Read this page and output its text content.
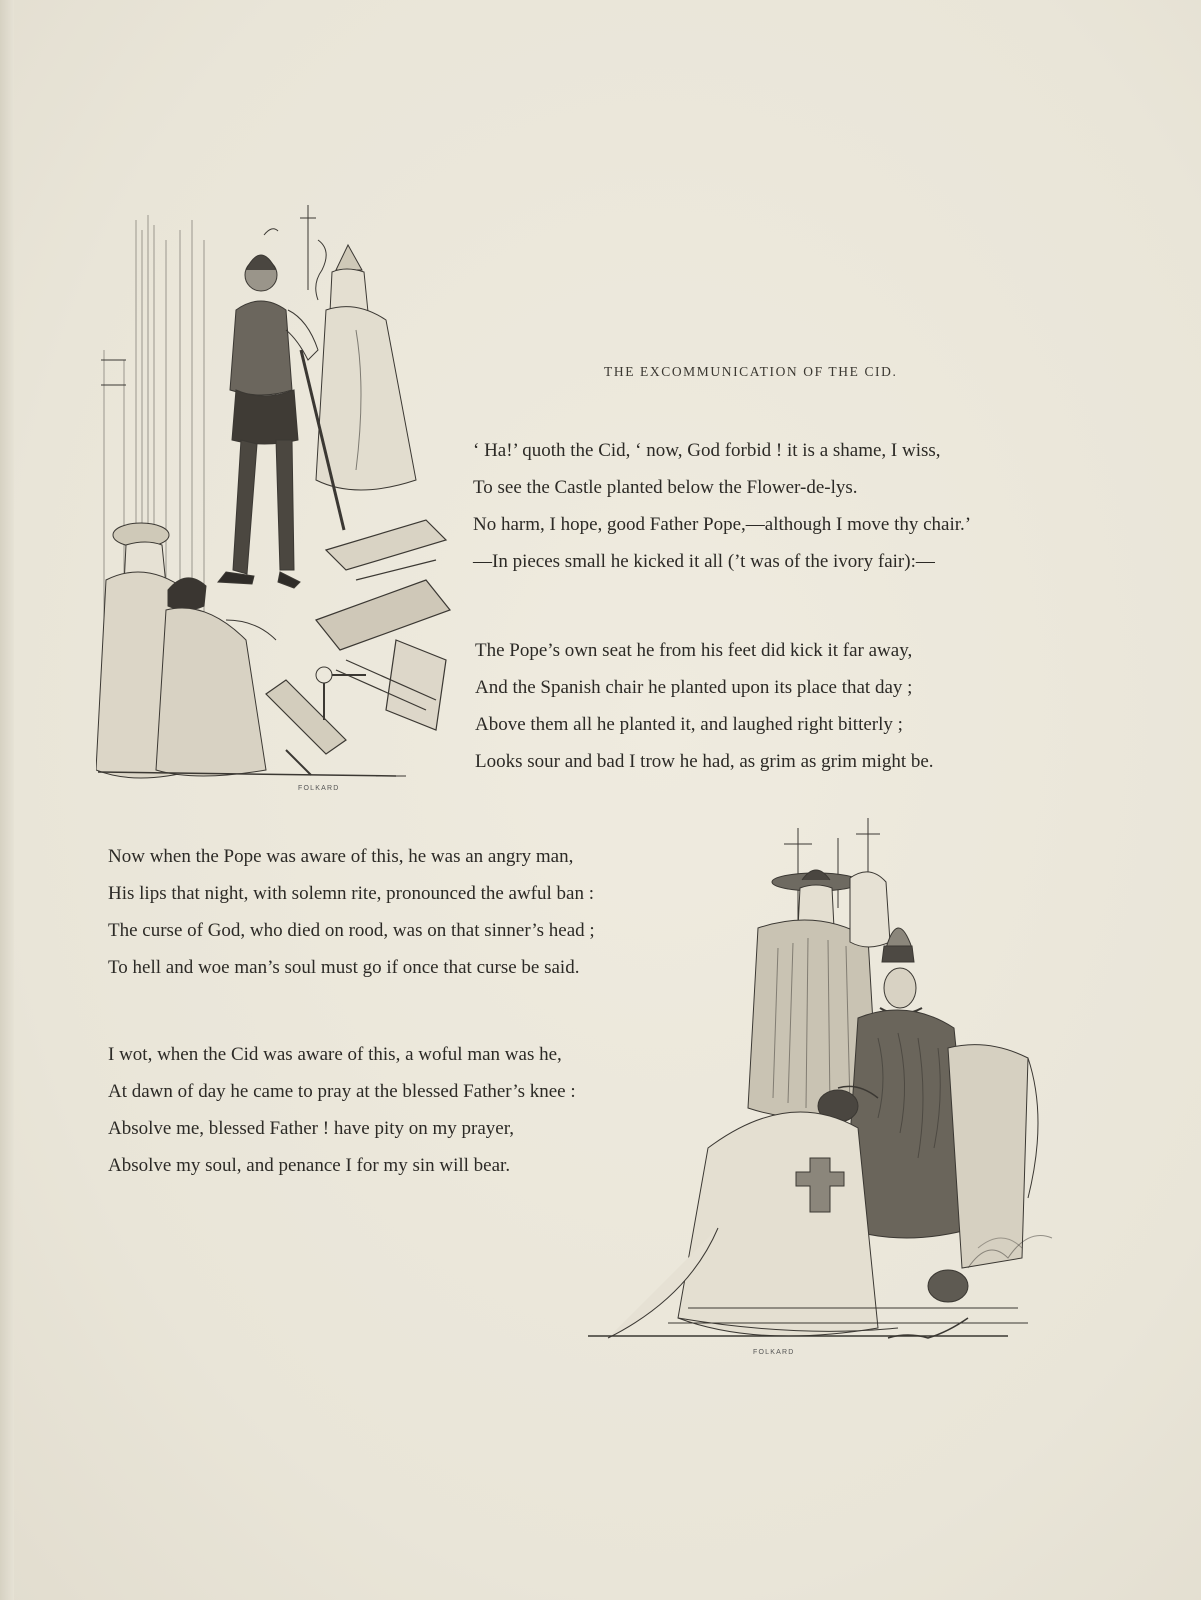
THE EXCOMMUNICATION OF THE CID.
‘ Ha!’ quoth the Cid, ‘ now, God forbid ! it is a shame, I wiss,
To see the Castle planted below the Flower-de-lys.
No harm, I hope, good Father Pope,—although I move thy chair.’
—In pieces small he kicked it all (’t was of the ivory fair):—
The Pope’s own seat he from his feet did kick it far away,
And the Spanish chair he planted upon its place that day ;
Above them all he planted it, and laughed right bitterly ;
Looks sour and bad I trow he had, as grim as grim might be.
Now when the Pope was aware of this, he was an angry man,
His lips that night, with solemn rite, pronounced the awful ban :
The curse of God, who died on rood, was on that sinner’s head ;
To hell and woe man’s soul must go if once that curse be said.
I wot, when the Cid was aware of this, a woful man was he,
At dawn of day he came to pray at the blessed Father’s knee :
Absolve me, blessed Father ! have pity on my prayer,
Absolve my soul, and penance I for my sin will bear.
FOLKARD
FOLKARD
